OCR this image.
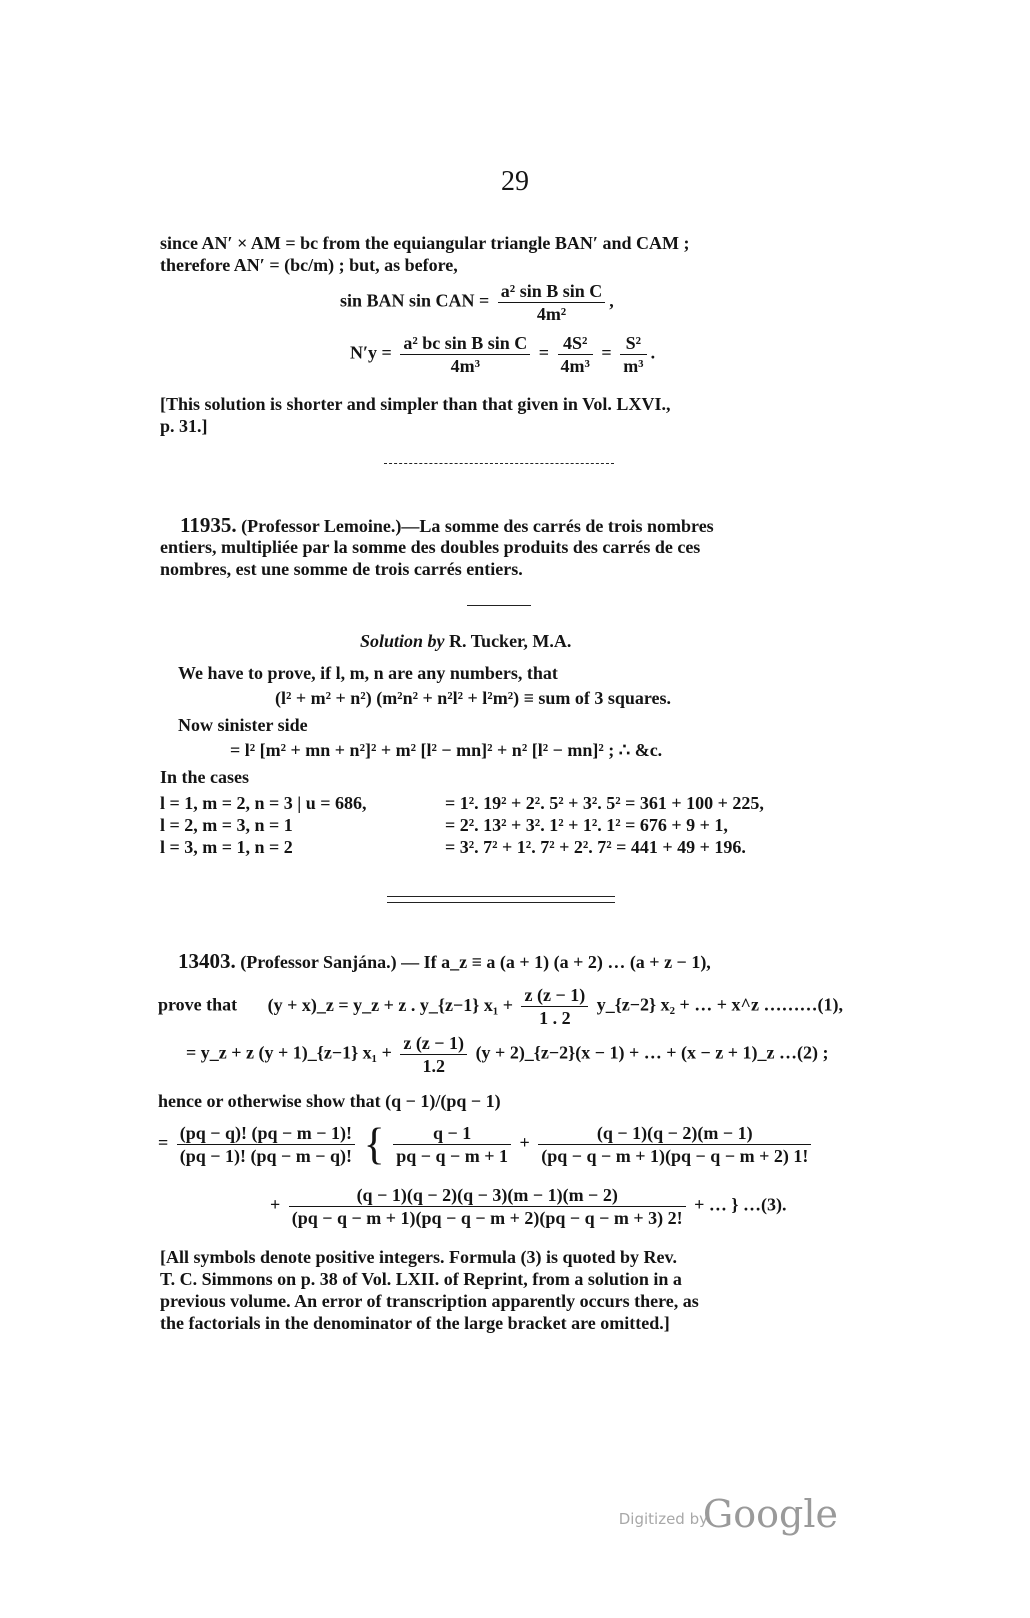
29
since AN′ × AM = bc from the equiangular triangle BAN′ and CAM ;
therefore AN′ = (bc/m) ; but, as before,
sin BAN sin CAN = $\frac{\text{a² sin B sin C}}{\text{4m²}}$ ,
$N'y = \frac{\text{a² bc sin B sin C}}{\text{4m³}} = \frac{\text{4S²}}{\text{4m³}} = \frac{\text{S²}}{\text{m³}}$ .
[This solution is shorter and simpler than that given in Vol. LXVI.,
p. 31.]
11935. (Professor Lemoine.)—La somme des carrés de trois nombres
entiers, multipliée par la somme des doubles produits des carrés de ces
nombres, est une somme de trois carrés entiers.
Solution by R. Tucker, M.A.
We have to prove, if l, m, n are any numbers, that
(l² + m² + n²) (m²n² + n²l² + l²m²) ≡ sum of 3 squares.
Now sinister side
= l² [m² + mn + n²]² + m² [l² − mn]² + n² [l² − mn]² ; ∴ &c.
In the cases
l = 1, m = 2, n = 3 | u = 686,	= 1². 19² + 2². 5² + 3². 5² = 361 + 100 + 225,
l = 2, m = 3, n = 1	= 2². 13² + 3². 1² + 1². 1² = 676 + 9 + 1,
l = 3, m = 1, n = 2	= 3². 7² + 1². 7² + 2². 7² = 441 + 49 + 196.
13403. (Professor Sanjána.) — If a_z ≡ a (a + 1) (a + 2) … (a + z − 1),
prove that (y + x)_z = y_z + z . y_{z−1} $x_1 + \frac{z (z - 1)}{1 . 2}$ y_{z−2} x₂ + … + x^z ………(1),
= y_z + z (y + 1)_{z−1} $x_1 + \frac{z (z - 1)}{1.2} (y$ + 2)_{z−2}(x − 1) + … + (x − z + 1)_z …(2) ;
hence or otherwise show that (q − 1)/(pq − 1)
= $\frac{(pq - q)! (pq - m - 1)!}{(pq - 1)! (pq - m - q)!}$ { $\frac{q - 1}{pq - q - m + 1} + \frac{(q - 1)(q - 2)(m - 1)}{(pq - q - m + 1)(pq - q - m + 2) 1!}$
+ $\frac{(q - 1)(q - 2)(q - 3)(m - 1)(m - 2)}{(pq - q - m + 1)(pq - q - m + 2)(pq - q - m + 3) 2!}$ + … } …(3).
[All symbols denote positive integers. Formula (3) is quoted by Rev.
T. C. Simmons on p. 38 of Vol. LXII. of Reprint, from a solution in a
previous volume. An error of transcription apparently occurs there, as
the factorials in the denominator of the large bracket are omitted.]
Digitized by
Google
